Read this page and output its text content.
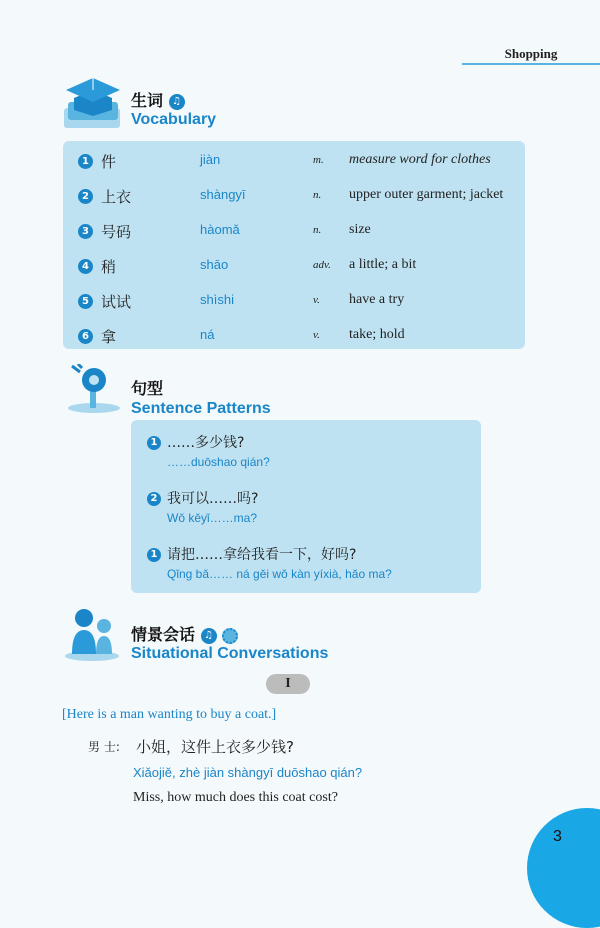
Shopping
生词 ♫
Vocabulary
1 件	jiàn	m. measure word for clothes
2 上衣	shàngyī	n. upper outer garment; jacket
3 号码	hàomǎ	n. size
4 稍	shāo	adv. a little; a bit
5 试试	shìshi	v. have a try
6 拿	ná	v. take; hold
句型
Sentence Patterns
1 ……多少钱?
……duōshao qián?
2 我可以……吗?
Wǒ kěyǐ……ma?
1 请把……拿给我看一下，好吗?
Qǐng bǎ…… ná gěi wǒ kàn yíxià, hǎo ma?
情景会话 ♫
Situational Conversations
I
[Here is a man wanting to buy a coat.]
男 士: 小姐，这件上衣多少钱?
Xiǎojiě, zhè jiàn shàngyī duōshao qián?
Miss, how much does this coat cost?
3
